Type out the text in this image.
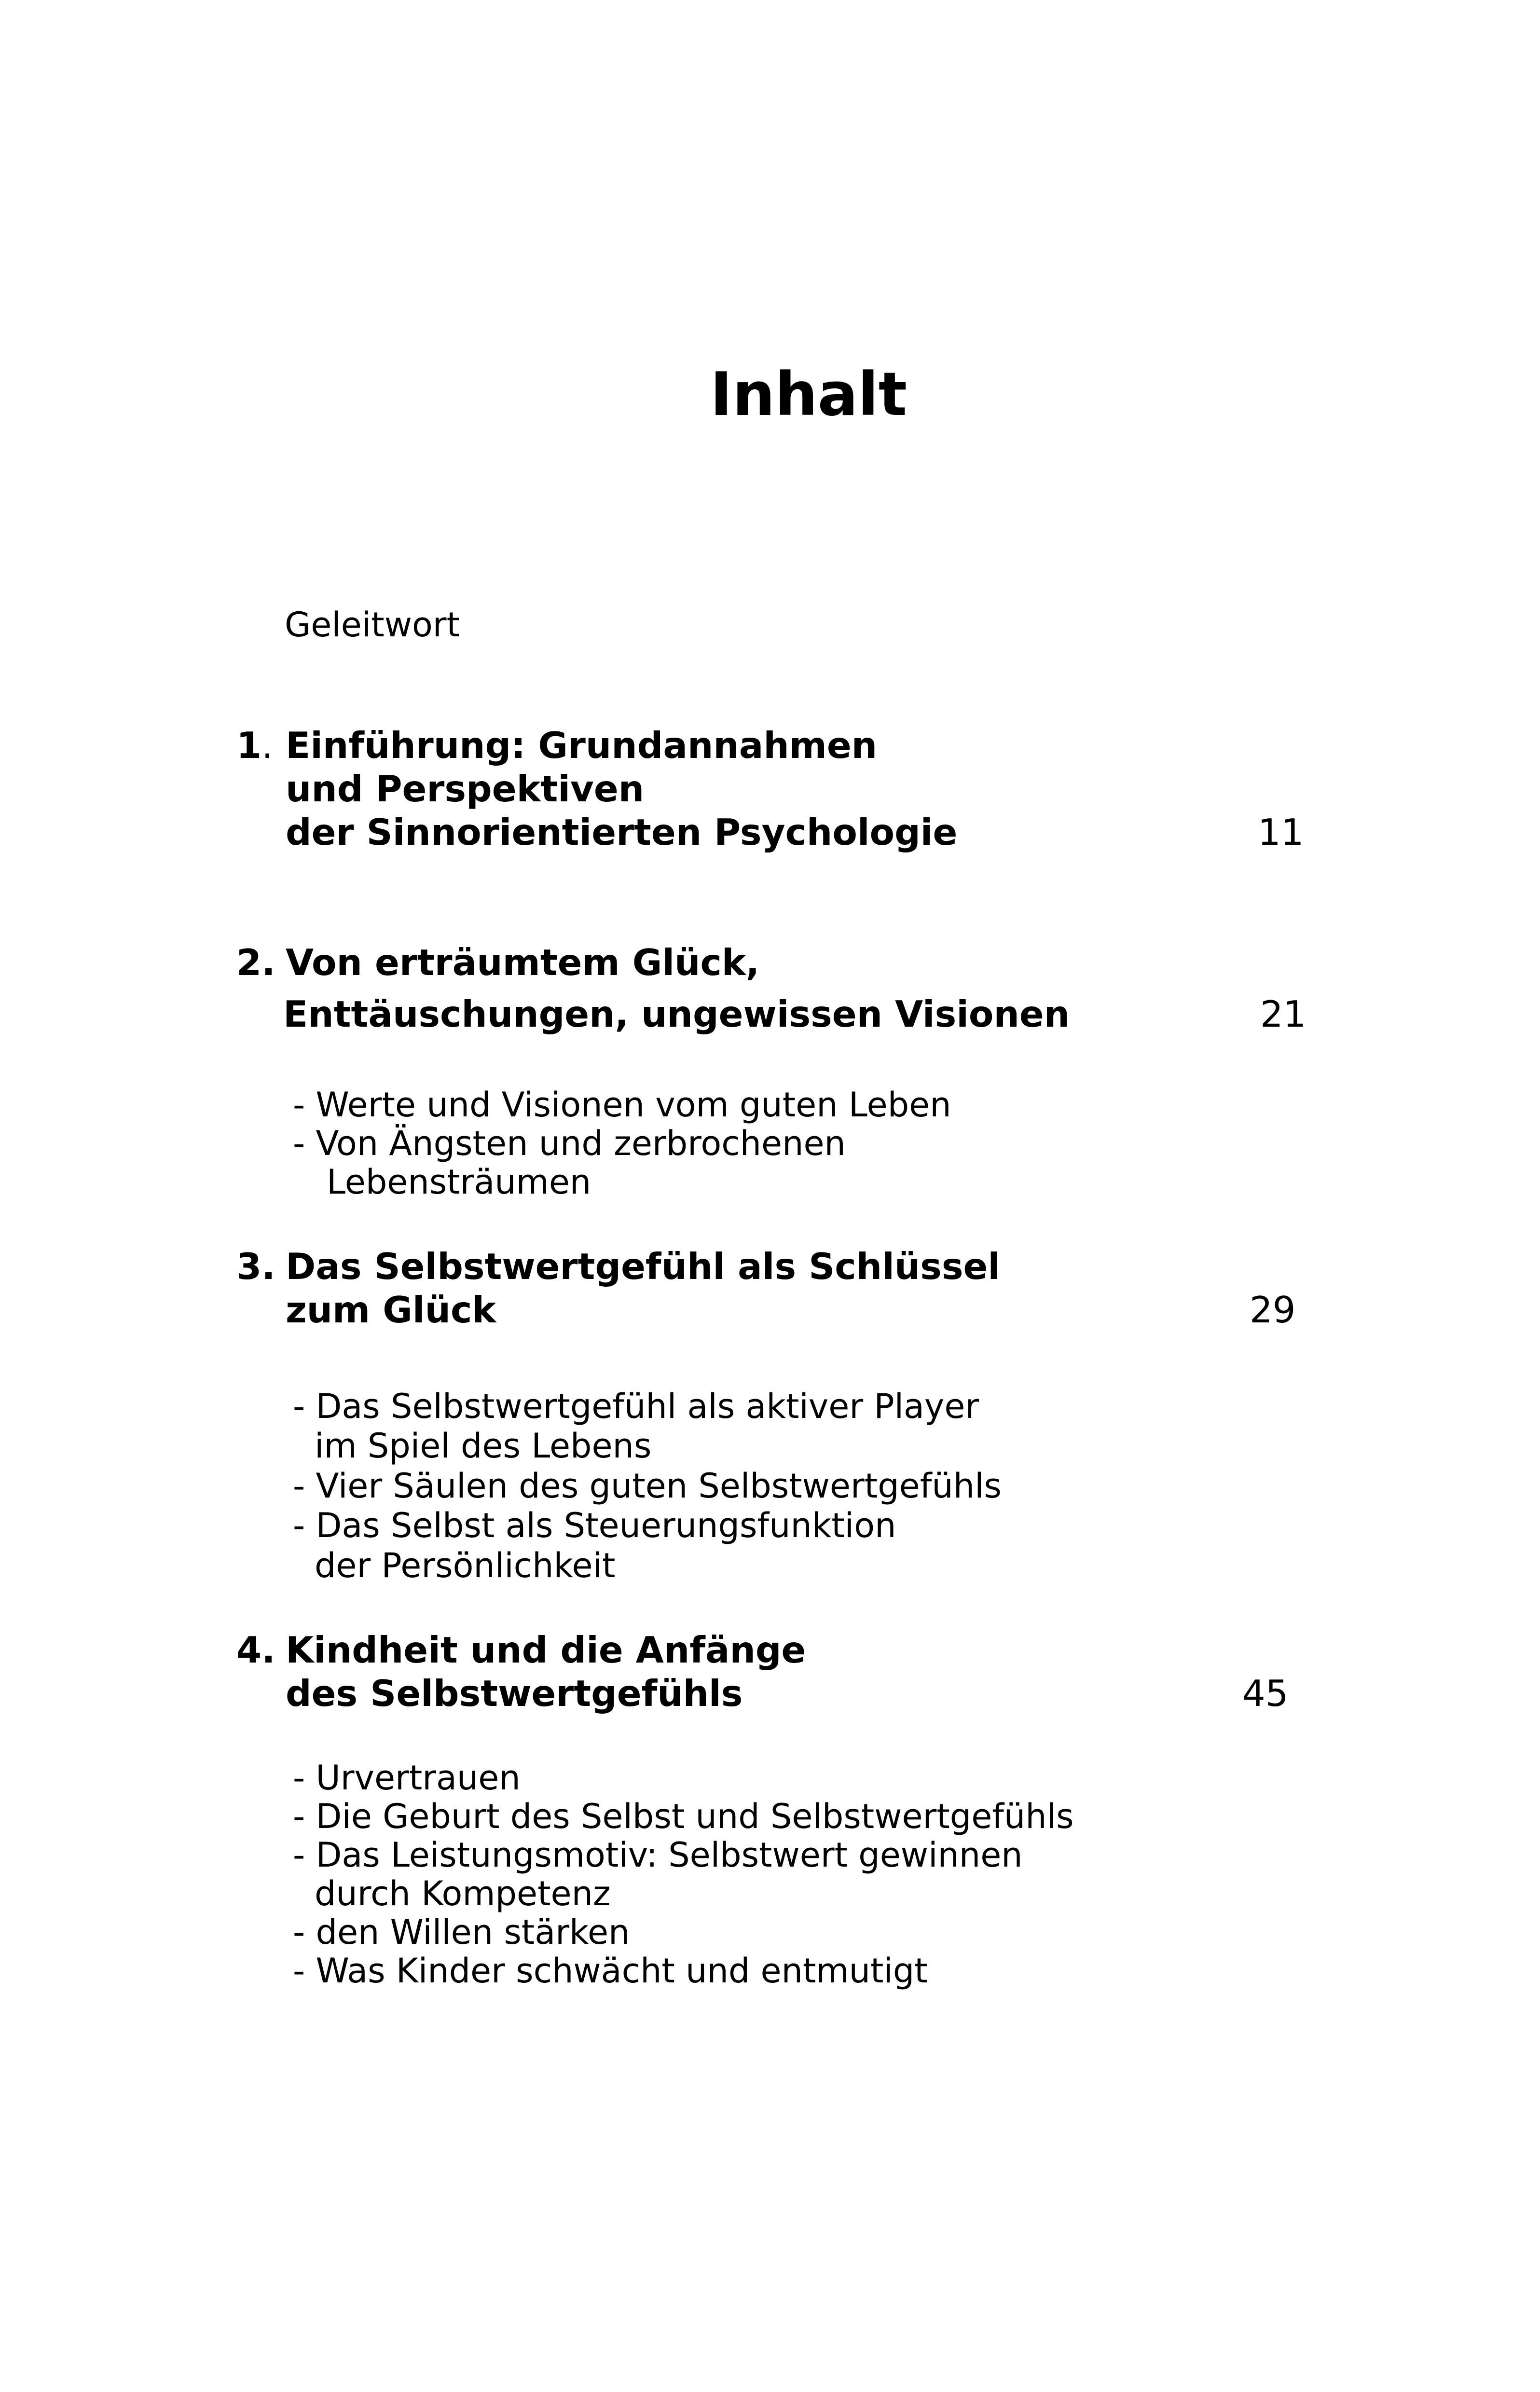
Inhalt
Geleitwort
1. Einführung: Grundannahmen
und Perspektiven
der Sinnorientierten Psychologie	11
2. Von erträumtem Glück,
Enttäuschungen, ungewissen Visionen	21
- Werte und Visionen vom guten Leben
- Von Ängsten und zerbrochenen
Lebensträumen
3. Das Selbstwertgefühl als Schlüssel
zum Glück	29
- Das Selbstwertgefühl als aktiver Player
im Spiel des Lebens
- Vier Säulen des guten Selbstwertgefühls
- Das Selbst als Steuerungsfunktion
der Persönlichkeit
4. Kindheit und die Anfänge
des Selbstwertgefühls	45
- Urvertrauen
- Die Geburt des Selbst und Selbstwertgefühls
- Das Leistungsmotiv: Selbstwert gewinnen
durch Kompetenz
- den Willen stärken
- Was Kinder schwächt und entmutigt
